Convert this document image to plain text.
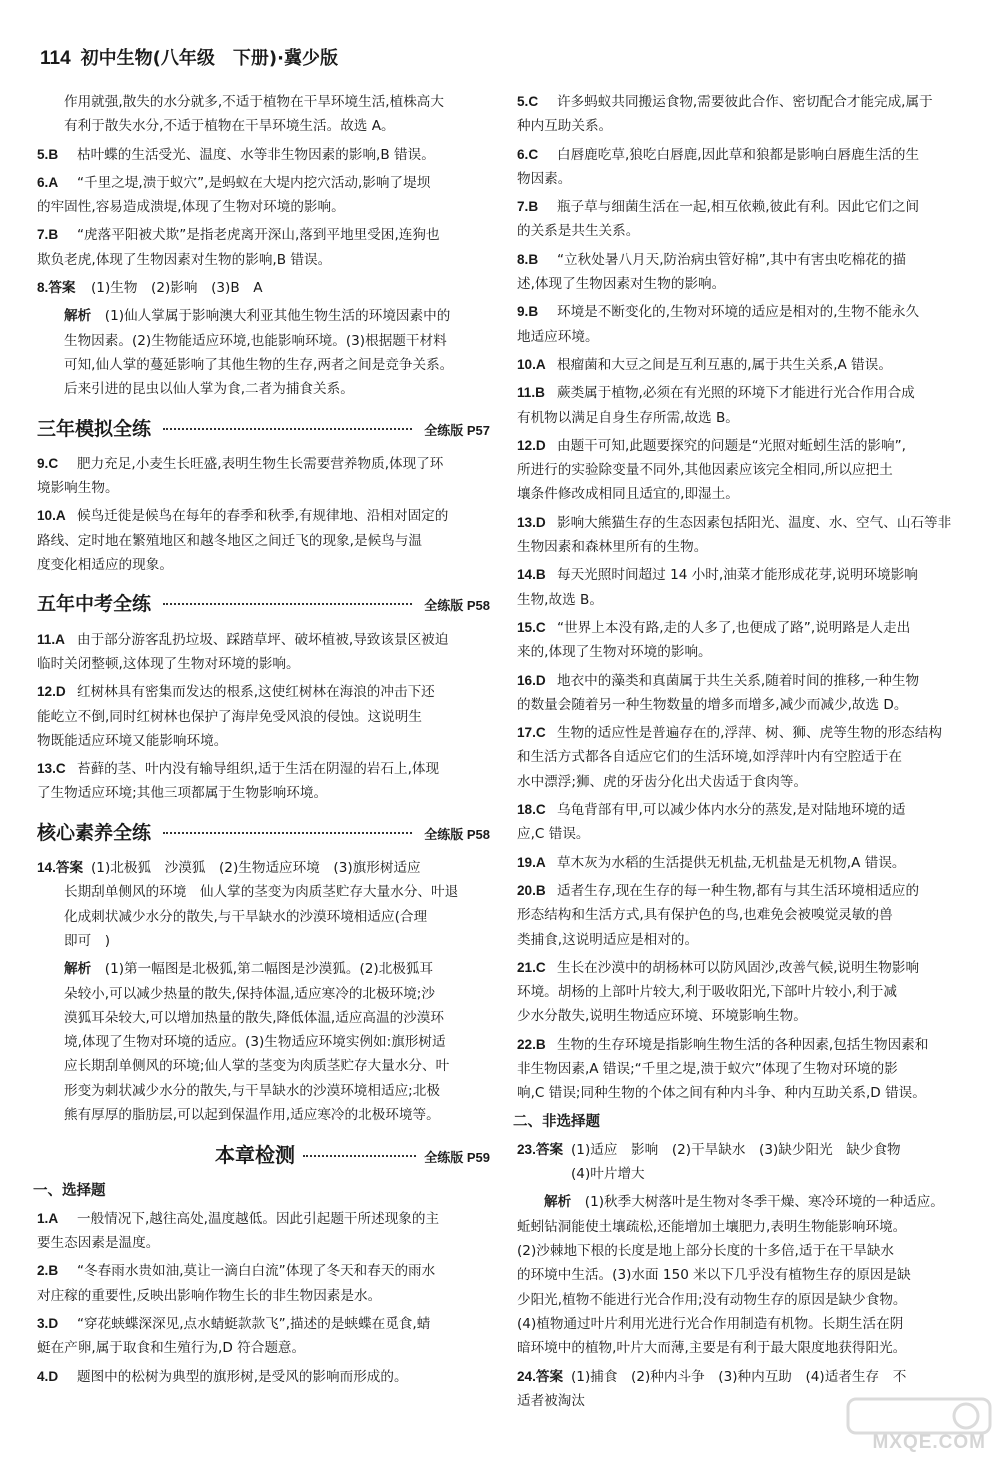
114 初中生物(八年级　下册)·冀少版
作用就强,散失的水分就多,不适于植物在干旱环境生活,植株高大
有利于散失水分,不适于植物在干旱环境生活。故选 A。
5.B 枯叶蝶的生活受光、温度、水等非生物因素的影响,B 错误。
6.A “千里之堤,溃于蚁穴”,是蚂蚁在大堤内挖穴活动,影响了堤坝
的牢固性,容易造成溃堤,体现了生物对环境的影响。
7.B “虎落平阳被犬欺”是指老虎离开深山,落到平地里受困,连狗也
欺负老虎,体现了生物因素对生物的影响,B 错误。
8.答案 (1)生物　(2)影响　(3)B　A
解析　 (1)仙人掌属于影响澳大利亚其他生物生活的环境因素中的
生物因素。(2)生物能适应环境,也能影响环境。(3)根据题干材料
可知,仙人掌的蔓延影响了其他生物的生存,两者之间是竞争关系。
后来引进的昆虫以仙人掌为食,二者为捕食关系。
三年模拟全练	全练版 P57
9.C 肥力充足,小麦生长旺盛,表明生物生长需要营养物质,体现了环
境影响生物。
10.A 候鸟迁徙是候鸟在每年的春季和秋季,有规律地、沿相对固定的
路线、定时地在繁殖地区和越冬地区之间迁飞的现象,是候鸟与温
度变化相适应的现象。
五年中考全练	全练版 P58
11.A 由于部分游客乱扔垃圾、踩踏草坪、破坏植被,导致该景区被迫
临时关闭整顿,这体现了生物对环境的影响。
12.D 红树林具有密集而发达的根系,这使红树林在海浪的冲击下还
能屹立不倒,同时红树林也保护了海岸免受风浪的侵蚀。这说明生
物既能适应环境又能影响环境。
13.C 苔藓的茎、叶内没有输导组织,适于生活在阴湿的岩石上,体现
了生物适应环境;其他三项都属于生物影响环境。
核心素养全练	全练版 P58
14.答案 (1)北极狐　沙漠狐　(2)生物适应环境　(3)旗形树适应
长期刮单侧风的环境　仙人掌的茎变为肉质茎贮存大量水分、叶退
化成刺状减少水分的散失,与干旱缺水的沙漠环境相适应(合理
即可　)
解析　 (1)第一幅图是北极狐,第二幅图是沙漠狐。(2)北极狐耳
朵较小,可以减少热量的散失,保持体温,适应寒冷的北极环境;沙
漠狐耳朵较大,可以增加热量的散失,降低体温,适应高温的沙漠环
境,体现了生物对环境的适应。(3)生物适应环境实例如:旗形树适
应长期刮单侧风的环境;仙人掌的茎变为肉质茎贮存大量水分、叶
形变为刺状减少水分的散失,与干旱缺水的沙漠环境相适应;北极
熊有厚厚的脂肪层,可以起到保温作用,适应寒冷的北极环境等。
本章检测	全练版 P59
一、选择题
1.A 一般情况下,越往高处,温度越低。因此引起题干所述现象的主
要生态因素是温度。
2.B “冬春雨水贵如油,莫让一滴白白流”体现了冬天和春天的雨水
对庄稼的重要性,反映出影响作物生长的非生物因素是水。
3.D “穿花蛱蝶深深见,点水蜻蜓款款飞”,描述的是蛱蝶在觅食,蜻
蜓在产卵,属于取食和生殖行为,D 符合题意。
4.D 题图中的松树为典型的旗形树,是受风的影响而形成的。
5.C 许多蚂蚁共同搬运食物,需要彼此合作、密切配合才能完成,属于
种内互助关系。
6.C 白唇鹿吃草,狼吃白唇鹿,因此草和狼都是影响白唇鹿生活的生
物因素。
7.B 瓶子草与细菌生活在一起,相互依赖,彼此有利。因此它们之间
的关系是共生关系。
8.B “立秋处暑八月天,防治病虫管好棉”,其中有害虫吃棉花的描
述,体现了生物因素对生物的影响。
9.B 环境是不断变化的,生物对环境的适应是相对的,生物不能永久
地适应环境。
10.A 根瘤菌和大豆之间是互利互惠的,属于共生关系,A 错误。
11.B 蕨类属于植物,必须在有光照的环境下才能进行光合作用合成
有机物以满足自身生存所需,故选 B。
12.D 由题干可知,此题要探究的问题是“光照对蚯蚓生活的影响”,
所进行的实验除变量不同外,其他因素应该完全相同,所以应把土
壤条件修改成相同且适宜的,即湿土。
13.D 影响大熊猫生存的生态因素包括阳光、温度、水、空气、山石等非
生物因素和森林里所有的生物。
14.B 每天光照时间超过 14 小时,油菜才能形成花芽,说明环境影响
生物,故选 B。
15.C “世界上本没有路,走的人多了,也便成了路”,说明路是人走出
来的,体现了生物对环境的影响。
16.D 地衣中的藻类和真菌属于共生关系,随着时间的推移,一种生物
的数量会随着另一种生物数量的增多而增多,减少而减少,故选 D。
17.C 生物的适应性是普遍存在的,浮萍、树、狮、虎等生物的形态结构
和生活方式都各自适应它们的生活环境,如浮萍叶内有空腔适于在
水中漂浮;狮、虎的牙齿分化出犬齿适于食肉等。
18.C 乌龟背部有甲,可以减少体内水分的蒸发,是对陆地环境的适
应,C 错误。
19.A 草木灰为水稻的生活提供无机盐,无机盐是无机物,A 错误。
20.B 适者生存,现在生存的每一种生物,都有与其生活环境相适应的
形态结构和生活方式,具有保护色的鸟,也难免会被嗅觉灵敏的兽
类捕食,这说明适应是相对的。
21.C 生长在沙漠中的胡杨林可以防风固沙,改善气候,说明生物影响
环境。胡杨的上部叶片较大,利于吸收阳光,下部叶片较小,利于减
少水分散失,说明生物适应环境、环境影响生物。
22.B 生物的生存环境是指影响生物生活的各种因素,包括生物因素和
非生物因素,A 错误;“千里之堤,溃于蚁穴”体现了生物对环境的影
响,C 错误;同种生物的个体之间有种内斗争、种内互助关系,D 错误。
二、非选择题
23.答案 (1)适应　影响　(2)干旱缺水　(3)缺少阳光　缺少食物
(4)叶片增大
解析　 (1)秋季大树落叶是生物对冬季干燥、寒冷环境的一种适应。
蚯蚓钻洞能使土壤疏松,还能增加土壤肥力,表明生物能影响环境。
(2)沙棘地下根的长度是地上部分长度的十多倍,适于在干旱缺水
的环境中生活。(3)水面 150 米以下几乎没有植物生存的原因是缺
少阳光,植物不能进行光合作用;没有动物生存的原因是缺少食物。
(4)植物通过叶片利用光进行光合作用制造有机物。长期生活在阴
暗环境中的植物,叶片大而薄,主要是有利于最大限度地获得阳光。
24.答案 (1)捕食　(2)种内斗争　(3)种内互助　(4)适者生存　不
适者被淘汰
MXQE.COM
